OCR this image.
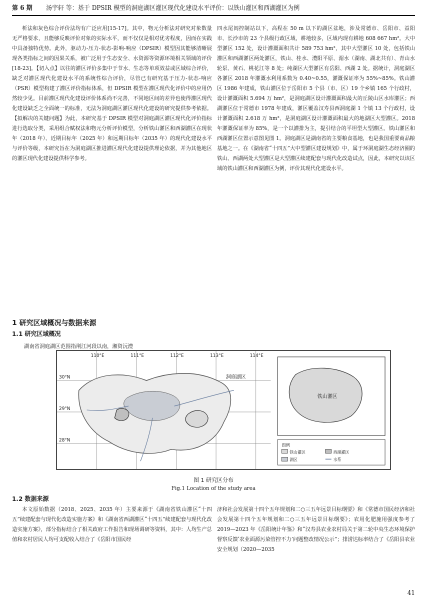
第 6 期 汤宇轩 等：基于 DPSIR 模型的洞庭湖区灌区现代化建设水平评价：以铁山灌区和西湖灌区为例

析法和灰色综合评价法均有广泛应用[15-17]。其中，物元分析法对研究对象数量无严格要求，且能够反映评价对象的实际水平，而不仅仅是相对优劣程度，因而在实践中具备独特优势。此外，驱动力-压力-状态-影响-响应（DPSIR）模型因其能够清晰展现各类指标之间的因果关系，被广泛用于生态安全、水资源等资源环境相关领域的评价[18-23]。【切入点】以往的灌区评价多集中于节水、生态等单项效益或区域综合评价，缺乏对灌区现代化建设水平的系统性综合评价，尽管已有研究基于压力-状态-响应（PSR）模型构建了灌区评价指标体系，但 DPSIR 模型在灌区现代化评价中的应用仍然较少见。目前灌区现代化建设评价体系尚不完善，不同地区间的差异也使得灌区现代化建设缺乏之全面统一的标准，无法为洞庭湖区灌区现代化建设的研究提供参考依据。【拟解决的关键问题】为此，本研究基于 DPSIR 模型对洞庭湖区灌区现代化评价指标进行选取分类，采用组合赋权法和物元分析评价模型，分析铁山灌区和西湖灌区在现状年（2018 年）、近期目标年（2025 年）和远期目标年（2035 年）的现代化建设水平与评价等级，本研究旨在为洞庭湖区推进灌区现代化建设提供理论依据，并为其他地区的灌区现代化建设提供科学参考。

四水尾闾控制站以下，高程在 50 m 以下的湖区盆地，涉及常德市、岳阳市、益阳市、长沙市的 23 个县级行政区域，耕地较多，区域内现有耕地 608 667 hm²。大中型灌区 152 处，设计灌溉面积共计 589 753 hm²，其中大型灌区 10 处，包括铁山灌区和西湖灌区两处灌区，铁山、桂水、澧阳平原、湄水（湖南、湖北共有）、青山水轮泵、黄石、桃花江等 8 处；纯湖区大型灌区有岳阳、西湖 2 处。据统计，洞庭湖区各灌区 2018 年灌溉水利用系数为 0.40~0.55，灌溉保证率为 55%~85%。铁山灌区 1986 年建成，铁山灌区位于岳阳市 5 个县（市、区）19 个乡镇 165 个行政村，设计灌溉面积 5.694 万 hm²，是洞庭湖区设计灌溉面积最大的丘陵山区水库灌区；西湖灌区位于常德市 1978 年建成，灌区覆盖汉寿县西洞庭湖 1 个镇 13 个行政村，设计灌溉面积 2.618 万 hm²，是洞庭湖区设计灌溉面积最大的地湖区大型灌区。2018 年灌溉保证率为 85%，是一个以灌排为主，提引结合的平坦型大型灌区。铁山灌区和西湖灌区位置示意图见图 1。洞庭湖区是湖南省的主要粮食基地，也是我国重要商品粮基地之一。在《湖南省“十四五”大中型灌区建设规划》中，属于环洞庭湖生态经济圈的铁山、西湖两处大型灌区是大型灌区续建配套与现代化改造试点，因此，本研究以该区域的铁山灌区和西湖灌区为例，评价其现代化建设水平。

1 研究区域概况与数据来源
1.1 研究区域概况
湖南省洞庭湖区范围指荆江河段以南，湘资沅澧
110°E	111°E	112°E	113°E	114°E
30°N
29°N
28°N
洞庭湖区
铁山灌区
图例
铁山灌区	西湖灌区
湖区	水系
图 1 研究区分布
Fig.1 Location of the study area
1.2 数据来源

本文原始数据（2018、2025、2035 年）主要来源于《湖南省铁山灌区“十四五”续建配套与现代化改造实施方案》和《湖南省西湖灌区“十四五”续建配套与现代化改造实施方案》，部分指标结合了相关政府工作报告和现场调研等资料，其中：人均生产总值和农村居民人均可支配收入结合了《岳阳市国民经

济和社会发展第十四个五年规划和二○三五年远景目标纲要》和《常德市国民经济和社会发展第十四个五年规划和二○三五年远景目标纲要》；农用化肥施用强度参考了 2019—2023 年《岳阳统计年鉴》和“汉寿县农业农村局关于第二轮中央生态环境保护督察反馈‘农业面源污染管控不力’问题整改情况公示”；排涝达标率结合了《岳阳县农业安全规划（2020—2035

41
